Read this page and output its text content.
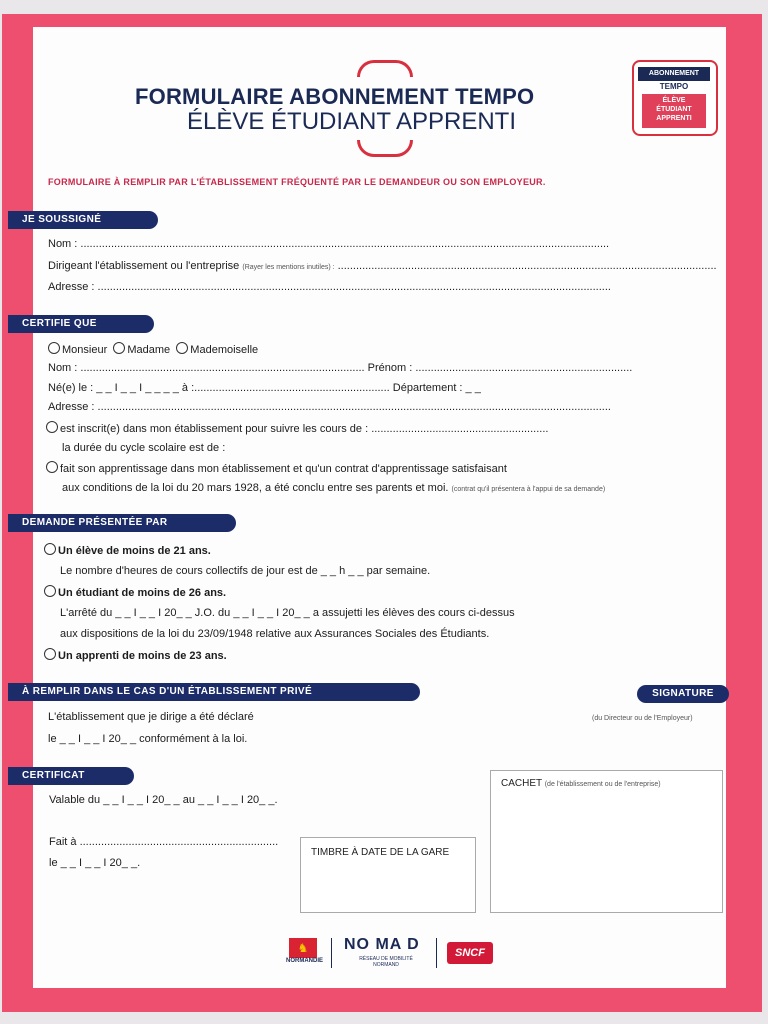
FORMULAIRE ABONNEMENT TEMPO
ÉLÈVE ÉTUDIANT APPRENTI
ABONNEMENT
TEMPO
ÉLÈVE
ÉTUDIANT
APPRENTI
FORMULAIRE À REMPLIR PAR L'ÉTABLISSEMENT FRÉQUENTÉ PAR LE DEMANDEUR OU SON EMPLOYEUR.
JE SOUSSIGNÉ
Nom : .............................................................................................................................................................................
Dirigeant l'établissement ou l'entreprise (Rayer les mentions inutiles) : ............................................................................................................................
Adresse : ........................................................................................................................................................................
CERTIFIE QUE
Monsieur Madame Mademoiselle
Nom : ............................................................................................. Prénom : .......................................................................
Né(e) le : _ _ I _ _ I _ _ _ _ à :................................................................ Département : _ _
Adresse : ........................................................................................................................................................................
est inscrit(e) dans mon établissement pour suivre les cours de : ..........................................................
la durée du cycle scolaire est de :
fait son apprentissage dans mon établissement et qu'un contrat d'apprentissage satisfaisant
aux conditions de la loi du 20 mars 1928, a été conclu entre ses parents et moi. (contrat qu'il présentera à l'appui de sa demande)
DEMANDE PRÉSENTÉE PAR
Un élève de moins de 21 ans.
Le nombre d'heures de cours collectifs de jour est de _ _ h _ _ par semaine.
Un étudiant de moins de 26 ans.
L'arrêté du _ _ I _ _ I 20_ _ J.O. du _ _ I _ _ I 20_ _ a assujetti les élèves des cours ci-dessus
aux dispositions de la loi du 23/09/1948 relative aux Assurances Sociales des Étudiants.
Un apprenti de moins de 23 ans.
À REMPLIR DANS LE CAS D'UN ÉTABLISSEMENT PRIVÉ	SIGNATURE
L'établissement que je dirige a été déclaré	(du Directeur ou de l'Employeur)
le _ _ I _ _ I 20_ _ conformément à la loi.
CERTIFICAT
Valable du _ _ I _ _ I 20_ _ au _ _ I _ _ I 20_ _.
Fait à .................................................................
le _ _ I _ _ I 20_ _.
TIMBRE À DATE DE LA GARE
CACHET (de l'établissement ou de l'entreprise)
♞
NORMANDIE
NO MA D
RÉSEAU DE MOBILITÉ NORMAND
SNCF
